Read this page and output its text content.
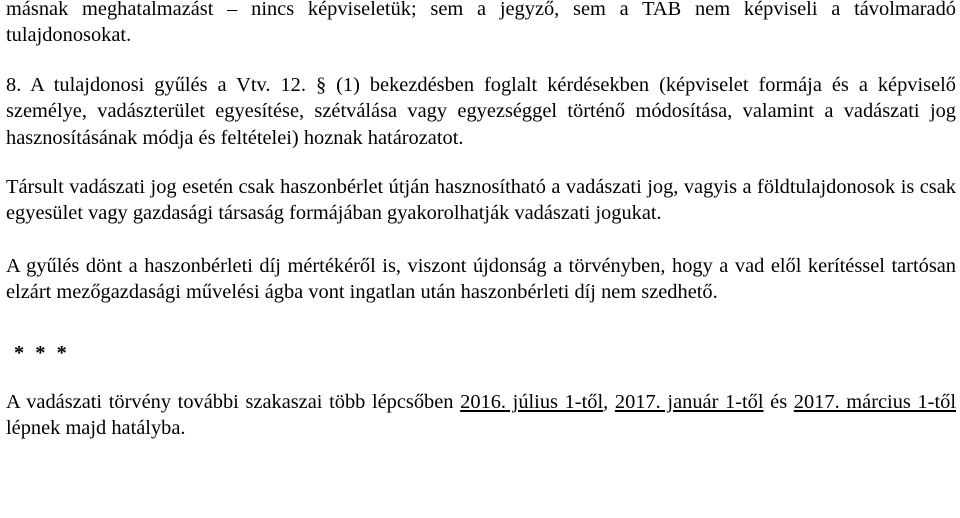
másnak meghatalmazást – nincs képviseletük; sem a jegyző, sem a TAB nem képviseli a távolmaradó tulajdonosokat.

8. A tulajdonosi gyűlés a Vtv. 12. § (1) bekezdésben foglalt kérdésekben (képviselet formája és a képviselő személye, vadászterület egyesítése, szétválása vagy egyezséggel történő módosítása, valamint a vadászati jog hasznosításának módja és feltételei) hoznak határozatot.

Társult vadászati jog esetén csak haszonbérlet útján hasznosítható a vadászati jog, vagyis a földtulajdonosok is csak egyesület vagy gazdasági társaság formájában gyakorolhatják vadászati jogukat.

A gyűlés dönt a haszonbérleti díj mértékéről is, viszont újdonság a törvényben, hogy a vad elől kerítéssel tartósan elzárt mezőgazdasági művelési ágba vont ingatlan után haszonbérleti díj nem szedhető.

* * *

A vadászati törvény további szakaszai több lépcsőben 2016. július 1-től, 2017. január 1-től és 2017. március 1-től lépnek majd hatályba.
